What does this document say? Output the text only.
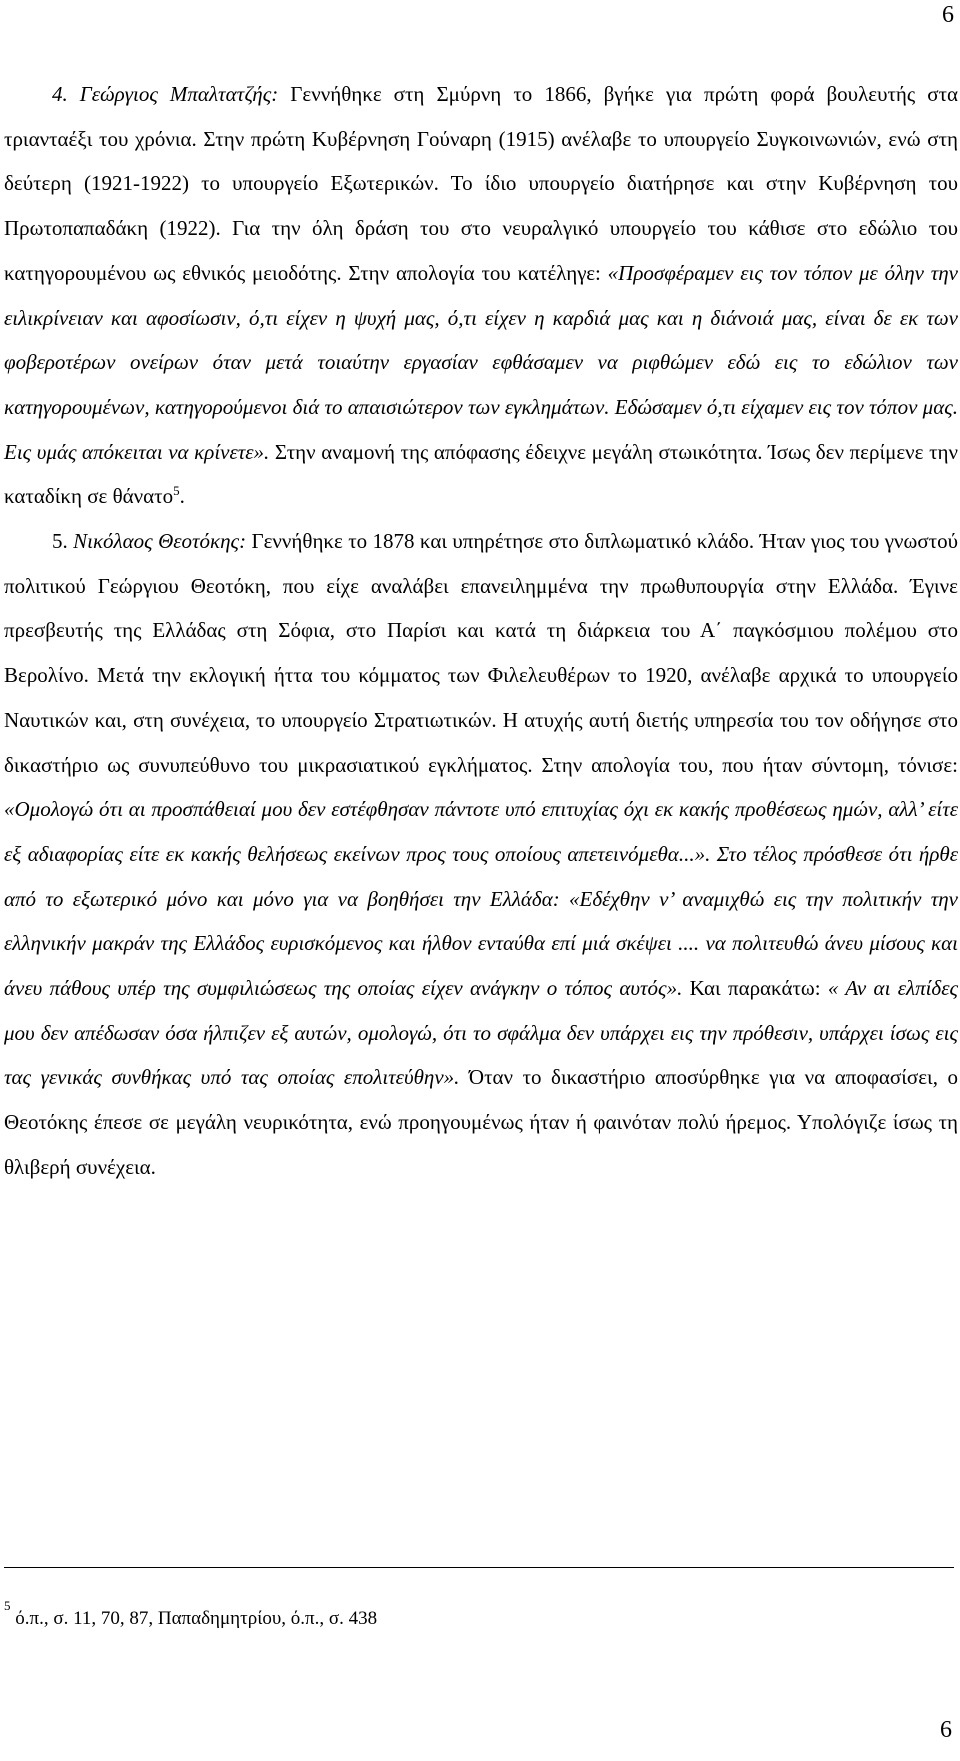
6

4. Γεώργιος Μπαλτατζής: Γεννήθηκε στη Σμύρνη το 1866, βγήκε για πρώτη φορά βουλευτής στα τριανταέξι του χρόνια. Στην πρώτη Κυβέρνηση Γούναρη (1915) ανέλαβε το υπουργείο Συγκοινωνιών, ενώ στη δεύτερη (1921-1922) το υπουργείο Εξωτερικών. Το ίδιο υπουργείο διατήρησε και στην Κυβέρνηση του Πρωτοπαπαδάκη (1922). Για την όλη δράση του στο νευραλγικό υπουργείο του κάθισε στο εδώλιο του κατηγορουμένου ως εθνικός μειοδότης. Στην απολογία του κατέληγε: «Προσφέραμεν εις τον τόπον με όλην την ειλικρίνειαν και αφοσίωσιν, ό,τι είχεν η ψυχή μας, ό,τι είχεν η καρδιά μας και η διάνοιά μας, είναι δε εκ των φοβεροτέρων ονείρων όταν μετά τοιαύτην εργασίαν εφθάσαμεν να ριφθώμεν εδώ εις το εδώλιον των κατηγορουμένων, κατηγορούμενοι διά το απαισιώτερον των εγκλημάτων. Εδώσαμεν ό,τι είχαμεν εις τον τόπον μας. Εις υμάς απόκειται να κρίνετε». Στην αναμονή της απόφασης έδειχνε μεγάλη στωικότητα. Ίσως δεν περίμενε την καταδίκη σε θάνατο$^5$.

5. Νικόλαος Θεοτόκης: Γεννήθηκε το 1878 και υπηρέτησε στο διπλωματικό κλάδο. Ήταν γιος του γνωστού πολιτικού Γεώργιου Θεοτόκη, που είχε αναλάβει επανειλημμένα την πρωθυπουργία στην Ελλάδα. Έγινε πρεσβευτής της Ελλάδας στη Σόφια, στο Παρίσι και κατά τη διάρκεια του Α΄ παγκόσμιου πολέμου στο Βερολίνο. Μετά την εκλογική ήττα του κόμματος των Φιλελευθέρων το 1920, ανέλαβε αρχικά το υπουργείο Ναυτικών και, στη συνέχεια, το υπουργείο Στρατιωτικών. Η ατυχής αυτή διετής υπηρεσία του τον οδήγησε στο δικαστήριο ως συνυπεύθυνο του μικρασιατικού εγκλήματος. Στην απολογία του, που ήταν σύντομη, τόνισε: «Ομολογώ ότι αι προσπάθειαί μου δεν εστέφθησαν πάντοτε υπό επιτυχίας όχι εκ κακής προθέσεως ημών, αλλ’ είτε εξ αδιαφορίας είτε εκ κακής θελήσεως εκείνων προς τους οποίους απετεινόμεθα...». Στο τέλος πρόσθεσε ότι ήρθε από το εξωτερικό μόνο και μόνο για να βοηθήσει την Ελλάδα: «Εδέχθην ν’ αναμιχθώ εις την πολιτικήν την ελληνικήν μακράν της Ελλάδος ευρισκόμενος και ήλθον ενταύθα επί μιά σκέψει .... να πολιτευθώ άνευ μίσους και άνευ πάθους υπέρ της συμφιλιώσεως της οποίας είχεν ανάγκην ο τόπος αυτός». Και παρακάτω: « Αν αι ελπίδες μου δεν απέδωσαν όσα ήλπιζεν εξ αυτών, ομολογώ, ότι το σφάλμα δεν υπάρχει εις την πρόθεσιν, υπάρχει ίσως εις τας γενικάς συνθήκας υπό τας οποίας επολιτεύθην». Όταν το δικαστήριο αποσύρθηκε για να αποφασίσει, ο Θεοτόκης έπεσε σε μεγάλη νευρικότητα, ενώ προηγουμένως ήταν ή φαινόταν πολύ ήρεμος. Υπολόγιζε ίσως τη θλιβερή συνέχεια.

$^5$ ό.π., σ. 11, 70, 87, Παπαδημητρίου, ό.π., σ. 438
6
